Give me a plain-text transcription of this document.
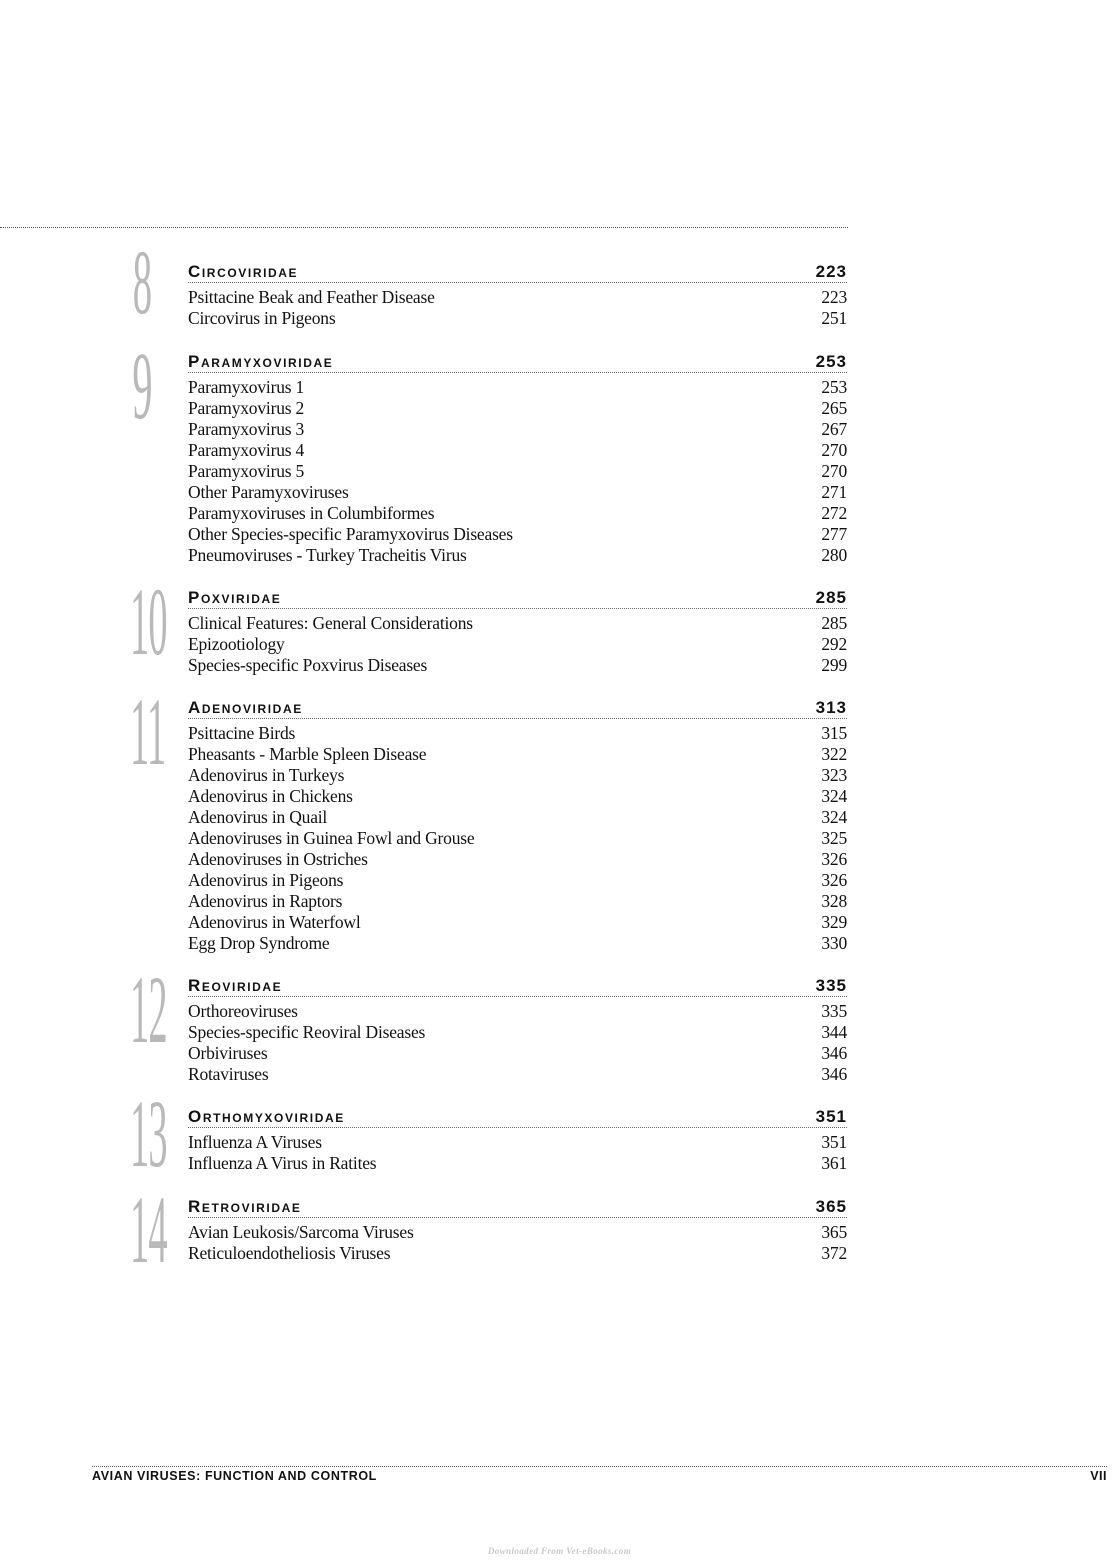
8 Circoviridae	223
Psittacine Beak and Feather Disease	223
Circovirus in Pigeons	251
9 Paramyxoviridae	253
Paramyxovirus 1	253
Paramyxovirus 2	265
Paramyxovirus 3	267
Paramyxovirus 4	270
Paramyxovirus 5	270
Other Paramyxoviruses	271
Paramyxoviruses in Columbiformes	272
Other Species-specific Paramyxovirus Diseases	277
Pneumoviruses - Turkey Tracheitis Virus	280
10 Poxviridae	285
Clinical Features: General Considerations	285
Epizootiology	292
Species-specific Poxvirus Diseases	299
11 Adenoviridae	313
Psittacine Birds	315
Pheasants - Marble Spleen Disease	322
Adenovirus in Turkeys	323
Adenovirus in Chickens	324
Adenovirus in Quail	324
Adenoviruses in Guinea Fowl and Grouse	325
Adenoviruses in Ostriches	326
Adenovirus in Pigeons	326
Adenovirus in Raptors	328
Adenovirus in Waterfowl	329
Egg Drop Syndrome	330
12 Reoviridae	335
Orthoreoviruses	335
Species-specific Reoviral Diseases	344
Orbiviruses	346
Rotaviruses	346
13 Orthomyxoviridae	351
Influenza A Viruses	351
Influenza A Virus in Ratites	361
14 Retroviridae	365
Avian Leukosis/Sarcoma Viruses	365
Reticuloendotheliosis Viruses	372
AVIAN VIRUSES: FUNCTION AND CONTROL	VII
Downloaded From Vet-eBooks.com
